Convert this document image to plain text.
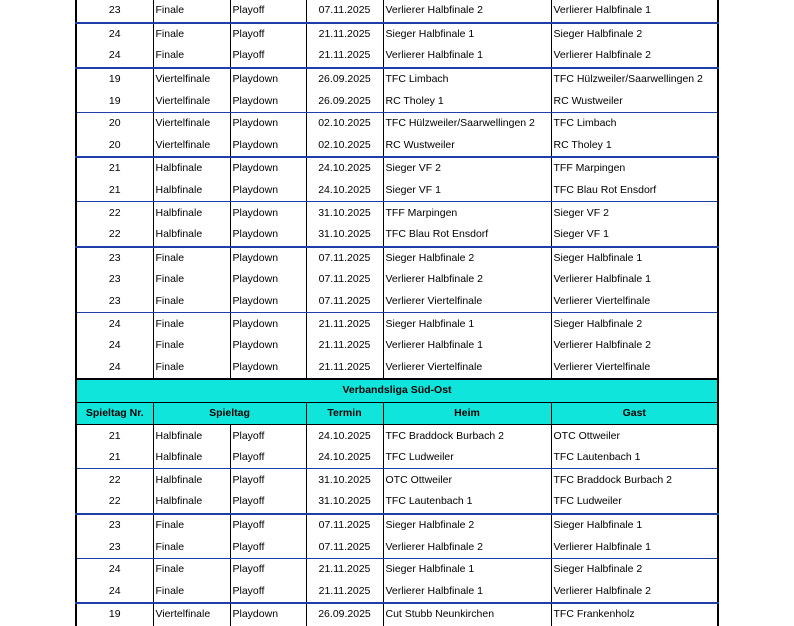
23	Finale	Playoff	07.11.2025	Verlierer Halbfinale 2	Verlierer Halbfinale 1
24	Finale	Playoff	21.11.2025	Sieger Halbfinale 1	Sieger Halbfinale 2
24	Finale	Playoff	21.11.2025	Verlierer Halbfinale 1	Verlierer Halbfinale 2
19	Viertelfinale	Playdown	26.09.2025	TFC Limbach	TFC Hülzweiler/Saarwellingen 2
19	Viertelfinale	Playdown	26.09.2025	RC Tholey 1	RC Wustweiler
20	Viertelfinale	Playdown	02.10.2025	TFC Hülzweiler/Saarwellingen 2	TFC Limbach
20	Viertelfinale	Playdown	02.10.2025	RC Wustweiler	RC Tholey 1
21	Halbfinale	Playdown	24.10.2025	Sieger VF 2	TFF Marpingen
21	Halbfinale	Playdown	24.10.2025	Sieger VF 1	TFC Blau Rot Ensdorf
22	Halbfinale	Playdown	31.10.2025	TFF Marpingen	Sieger VF 2
22	Halbfinale	Playdown	31.10.2025	TFC Blau Rot Ensdorf	Sieger VF 1
23	Finale	Playdown	07.11.2025	Sieger Halbfinale 2	Sieger Halbfinale 1
23	Finale	Playdown	07.11.2025	Verlierer Halbfinale 2	Verlierer Halbfinale 1
23	Finale	Playdown	07.11.2025	Verlierer Viertelfinale	Verlierer Viertelfinale
24	Finale	Playdown	21.11.2025	Sieger Halbfinale 1	Sieger Halbfinale 2
24	Finale	Playdown	21.11.2025	Verlierer Halbfinale 1	Verlierer Halbfinale 2
24	Finale	Playdown	21.11.2025	Verlierer Viertelfinale	Verlierer Viertelfinale
Verbandsliga Süd-Ost					
Spieltag Nr.	Spieltag		Termin	Heim	Gast
21	Halbfinale	Playoff	24.10.2025	TFC Braddock Burbach 2	OTC Ottweiler
21	Halbfinale	Playoff	24.10.2025	TFC Ludweiler	TFC Lautenbach 1
22	Halbfinale	Playoff	31.10.2025	OTC Ottweiler	TFC Braddock Burbach 2
22	Halbfinale	Playoff	31.10.2025	TFC Lautenbach 1	TFC Ludweiler
23	Finale	Playoff	07.11.2025	Sieger Halbfinale 2	Sieger Halbfinale 1
23	Finale	Playoff	07.11.2025	Verlierer Halbfinale 2	Verlierer Halbfinale 1
24	Finale	Playoff	21.11.2025	Sieger Halbfinale 1	Sieger Halbfinale 2
24	Finale	Playoff	21.11.2025	Verlierer Halbfinale 1	Verlierer Halbfinale 2
19	Viertelfinale	Playdown	26.09.2025	Cut Stubb Neunkirchen	TFC Frankenholz
